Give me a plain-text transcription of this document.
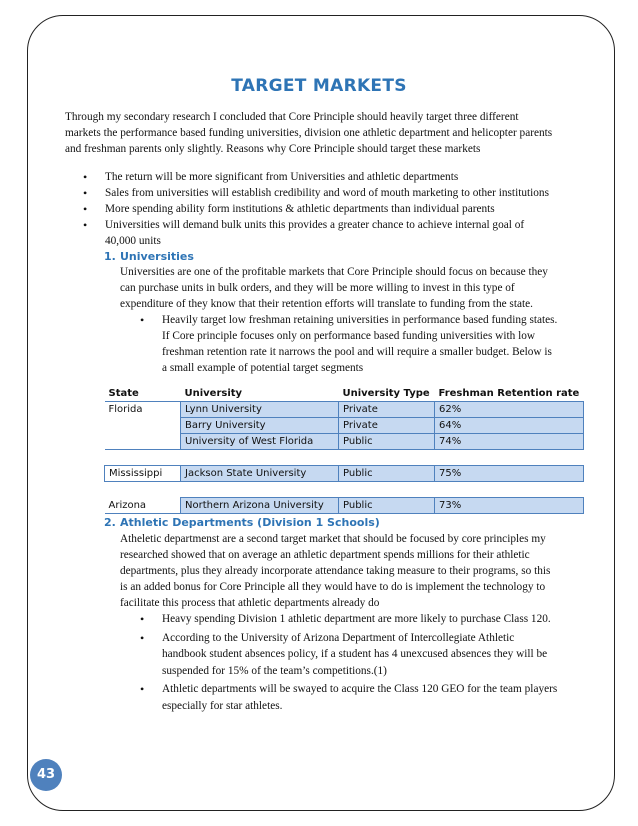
TARGET MARKETS
Through my secondary research I concluded that Core Principle should heavily target three different
markets the performance based funding universities, division one athletic department and helicopter parents
and freshman parents only slightly. Reasons why Core Principle should target these markets
• The return will be more significant from Universities and athletic departments
• Sales from universities will establish credibility and word of mouth marketing to other institutions
• More spending ability form institutions & athletic departments than individual parents
• Universities will demand bulk units this provides a greater chance to achieve internal goal of
40,000 units
1. Universities
Universities are one of the profitable markets that Core Principle should focus on because they
can purchase units in bulk orders, and they will be more willing to invest in this type of
expenditure of they know that their retention efforts will translate to funding from the state.
• Heavily target low freshman retaining universities in performance based funding states.
If Core principle focuses only on performance based funding universities with low
freshman retention rate it narrows the pool and will require a smaller budget. Below is
a small example of potential target segments
State	University	University Type	Freshman Retention rate
Florida	Lynn University	Private	62%
	Barry University	Private	64%
	University of West Florida	Public	74%

Mississippi	Jackson State University	Public	75%

Arizona	Northern Arizona University	Public	73%
2. Athletic Departments (Division 1 Schools)
Atheletic departmenst are a second target market that should be focused by core principles my
researched showed that on average an athletic department spends millions for their athletic
departments, plus they already incorporate attendance taking measure to their programs, so this
is an added bonus for Core Principle all they would have to do is implement the technology to
facilitate this process that athletic departments already do
• Heavy spending Division 1 athletic department are more likely to purchase Class 120.
• According to the University of Arizona Department of Intercollegiate Athletic
handbook student absences policy, if a student has 4 unexcused absences they will be
suspended for 15% of the team’s competitions.(1)
• Athletic departments will be swayed to acquire the Class 120 GEO for the team players
especially for star athletes.
43
